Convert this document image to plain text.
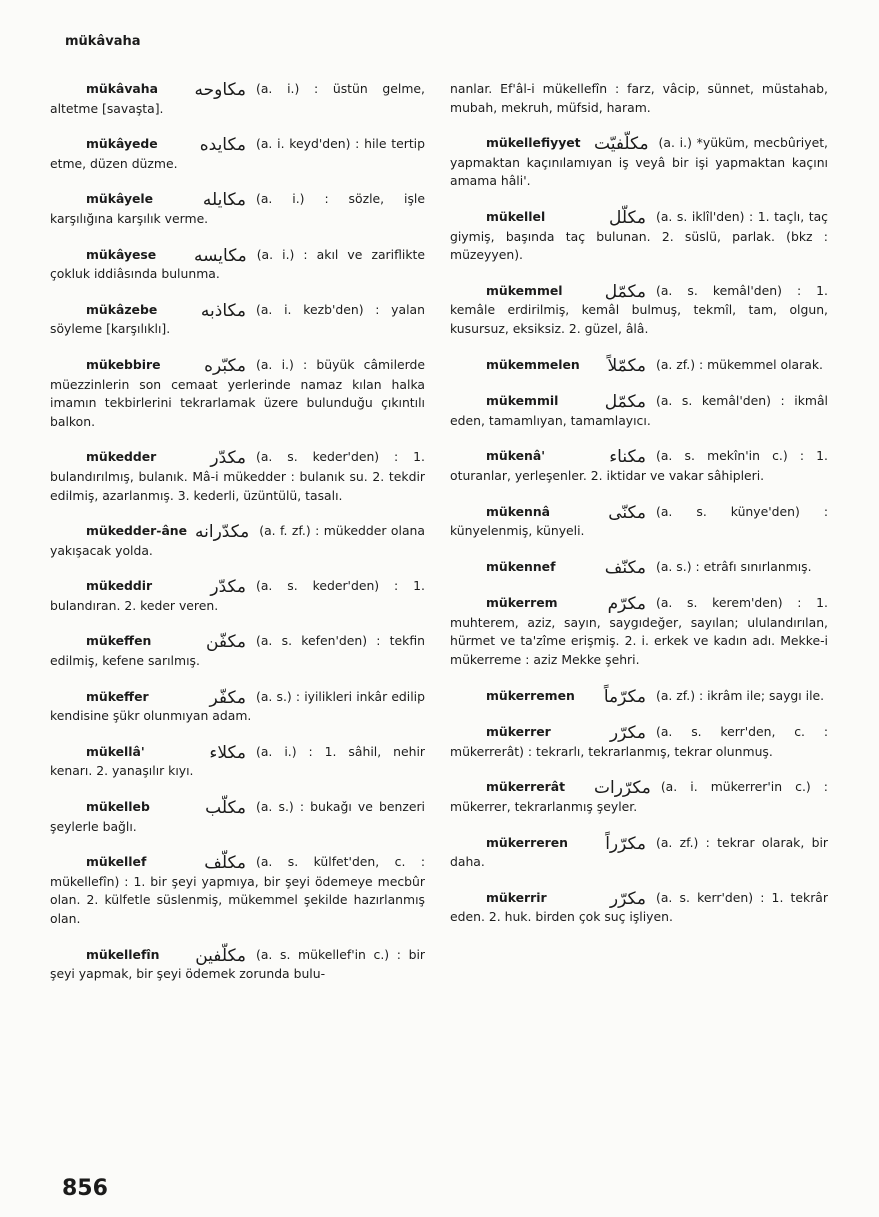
mükâvaha
mükâvaha مكاوحه (a. i.) : üstün gelme, altetme [savaşta].
mükâyede مكايده (a. i. keyd'den) : hile tertip etme, düzen düzme.
mükâyele	مكايله (a. i.) : sözle, işle karşılığına karşılık verme.
mükâyese مكايسه (a. i.) : akıl ve zariflikte çokluk iddiâsında bulunma.
mükâzebe	مكاذبه (a. i. kezb'den) : yalan söyleme [karşılıklı].
mükebbire	مكبّره (a. i.) : büyük câmilerde müezzinlerin son cemaat yerlerinde namaz kılan halka imamın tekbirlerini tekrarlamak üzere bulunduğu çıkıntılı balkon.
mükedder	مكدّر (a. s. keder'den) : 1. bulandırılmış, bulanık. Mâ-i mükedder : bulanık su. 2. tekdir edilmiş, azarlanmış. 3. kederli, üzüntülü, tasalı.
mükedder-âne مكدّرانه (a. f. zf.) : mükedder olana yakışacak yolda.
mükeddir	مكدّر (a. s. keder'den) : 1. bulandıran. 2. keder veren.
mükeffen	مكفّن (a. s. kefen'den) : tekfin edilmiş, kefene sarılmış.
mükeffer	مكفّر (a. s.) : iyilikleri inkâr edilip kendisine şükr olunmıyan adam.
mükellâ'	مكلاء (a. i.) : 1. sâhil, nehir kenarı. 2. yanaşılır kıyı.
mükelleb	مكلّب (a. s.) : bukağı ve benzeri şeylerle bağlı.
mükellef	مكلّف (a. s. külfet'den, c. : mükellefîn) : 1. bir şeyi yapmıya, bir şeyi ödemeye mecbûr olan. 2. külfetle süslenmiş, mükemmel şekilde hazırlanmış olan.
mükellefîn مكلّفين (a. s. mükellef'in c.) : bir şeyi yapmak, bir şeyi ödemek zorunda bulu-
nanlar. Ef'âl-i mükellefîn : farz, vâcip, sünnet, müstahab, mubah, mekruh, müfsid, haram.
mükellefiyyet مكلّفيّت (a. i.) *yüküm, mecbûriyet, yapmaktan kaçınılamıyan iş veyâ bir işi yapmaktan kaçını amama hâli'.
mükellel	مكلّل (a. s. iklîl'den) : 1. taçlı, taç giymiş, başında taç bulunan. 2. süslü, parlak. (bkz : müzeyyen).
mükemmel مكمّل (a. s. kemâl'den) : 1. kemâle erdirilmiş, kemâl bulmuş, tekmîl, tam, olgun, kusursuz, eksiksiz. 2. güzel, âlâ.
mükemmelen مكمّلاً (a. zf.) : mükemmel olarak.
mükemmil	مكمّل (a. s. kemâl'den) : ikmâl eden, tamamlıyan, tamamlayıcı.
mükenâ'	مكناء (a. s. mekîn'in c.) : 1. oturanlar, yerleşenler. 2. iktidar ve vakar sâhipleri.
mükennâ	مكنّى (a. s. künye'den) : künyelenmiş, künyeli.
mükennef	مكنّف (a. s.) : etrâfı sınırlanmış.
mükerrem	مكرّم (a. s. kerem'den) : 1. muhterem, aziz, sayın, saygıdeğer, sayılan; ululandırılan, hürmet ve ta'zîme erişmiş. 2. i. erkek ve kadın adı. Mekke-i mükerreme : aziz Mekke şehri.
mükerremen مكرّماً (a. zf.) : ikrâm ile; saygı ile.
mükerrer	مكرّر (a. s. kerr'den, c. : mükerrerât) : tekrarlı, tekrarlanmış, tekrar olunmuş.
mükerrerât مكرّرات (a. i. mükerrer'in c.) : mükerrer, tekrarlanmış şeyler.
mükerreren مكرّراً (a. zf.) : tekrar olarak, bir daha.
mükerrir	مكرّر (a. s. kerr'den) : 1. tekrâr eden. 2. huk. birden çok suç işliyen.
856
